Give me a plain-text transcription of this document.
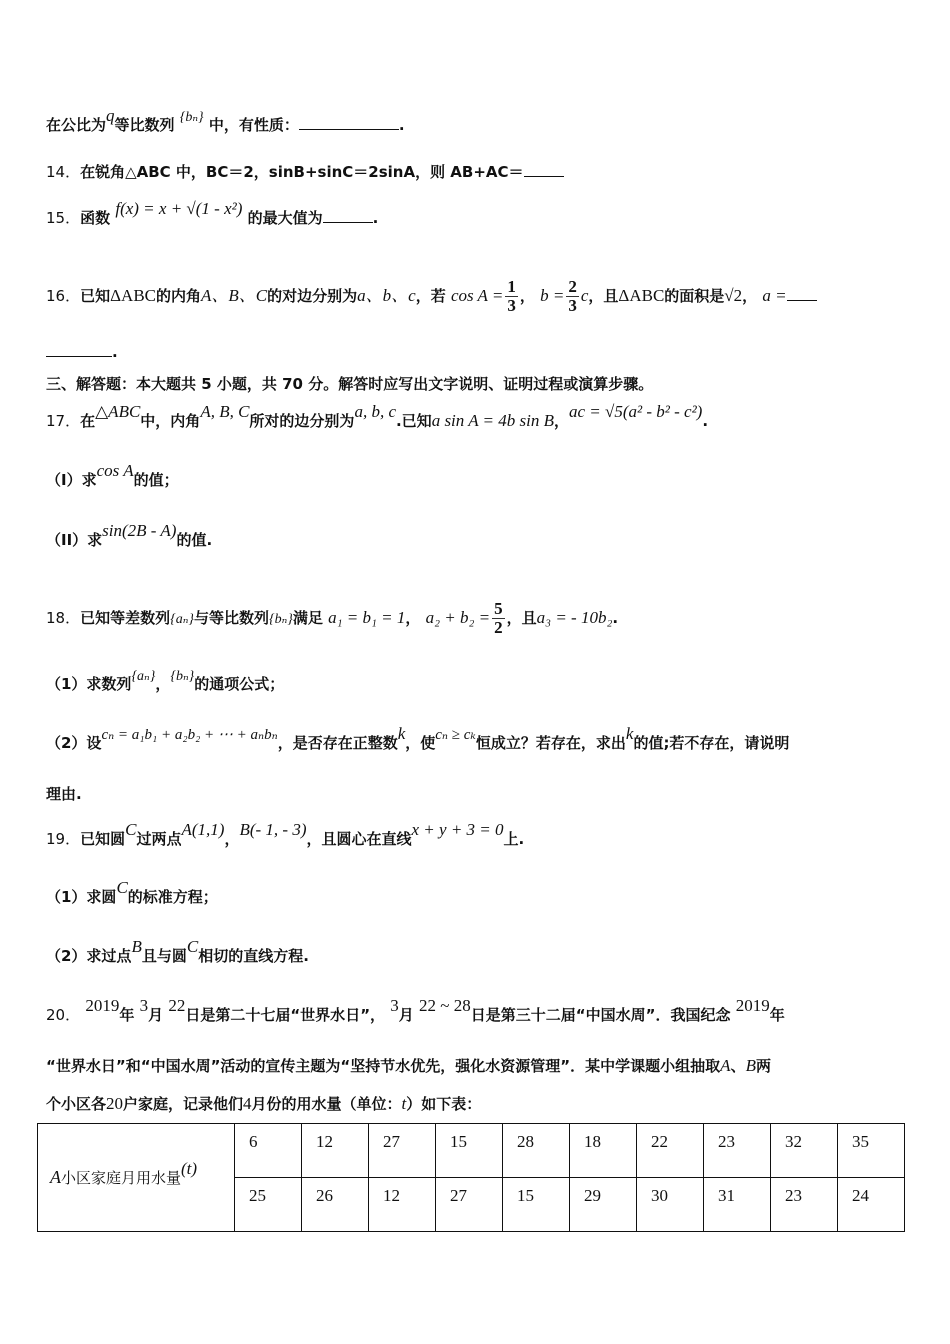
在公比为q等比数列 {bₙ} 中，有性质：	.
14．在锐角△ABC 中，BC＝2，sinB+sinC＝2sinA，则 AB+AC＝
15．函数 f(x) = x + √(1 - x²) 的最大值为	.
16．已知ΔABC的内角A、B、C的对边分别为a、b、c，若 $\cos A = \frac{1}{3}$ ， $b = \frac{2}{3}$ c，且ΔABC的面积是√2， a =
.
三、解答题：本大题共 5 小题，共 70 分。解答时应写出文字说明、证明过程或演算步骤。
17．在△ABC中，内角A, B, C所对的边分别为a, b, c.已知a sin A = 4b sin B，ac = √5(a² - b² - c²).
（I）求cos A的值；
（II）求sin(2B - A)的值.
18．已知等差数列{aₙ}与等比数列{bₙ}满足 a₁ = b₁ = 1， $a_2 + b_2 = \frac{5}{2}$ ，且a₃ = - 10b₂.
（1）求数列{aₙ}，{bₙ}的通项公式；
（2）设cₙ = a₁b₁ + a₂b₂ + ⋯ + aₙbₙ，是否存在正整数k，使cₙ ≥ cₖ恒成立？若存在，求出k的值;若不存在，请说明
理由.
19．已知圆C过两点A(1,1)，B(- 1, - 3)，且圆心在直线x + y + 3 = 0上.
（1）求圆C的标准方程；
（2）求过点B且与圆C相切的直线方程.
20． 2019年 3月 22日是第二十七届“世界水日”， 3月 22 ~ 28日是第三十二届“中国水周”．我国纪念 2019年
“世界水日”和“中国水周”活动的宣传主题为“坚持节水优先，强化水资源管理”．某中学课题小组抽取A、B两
个小区各20户家庭，记录他们4月份的用水量（单位：t）如下表：
A小区家庭月用水量(t)	6	12	27	15	28	18	22	23	32	35
	25	26	12	27	15	29	30	31	23	24
